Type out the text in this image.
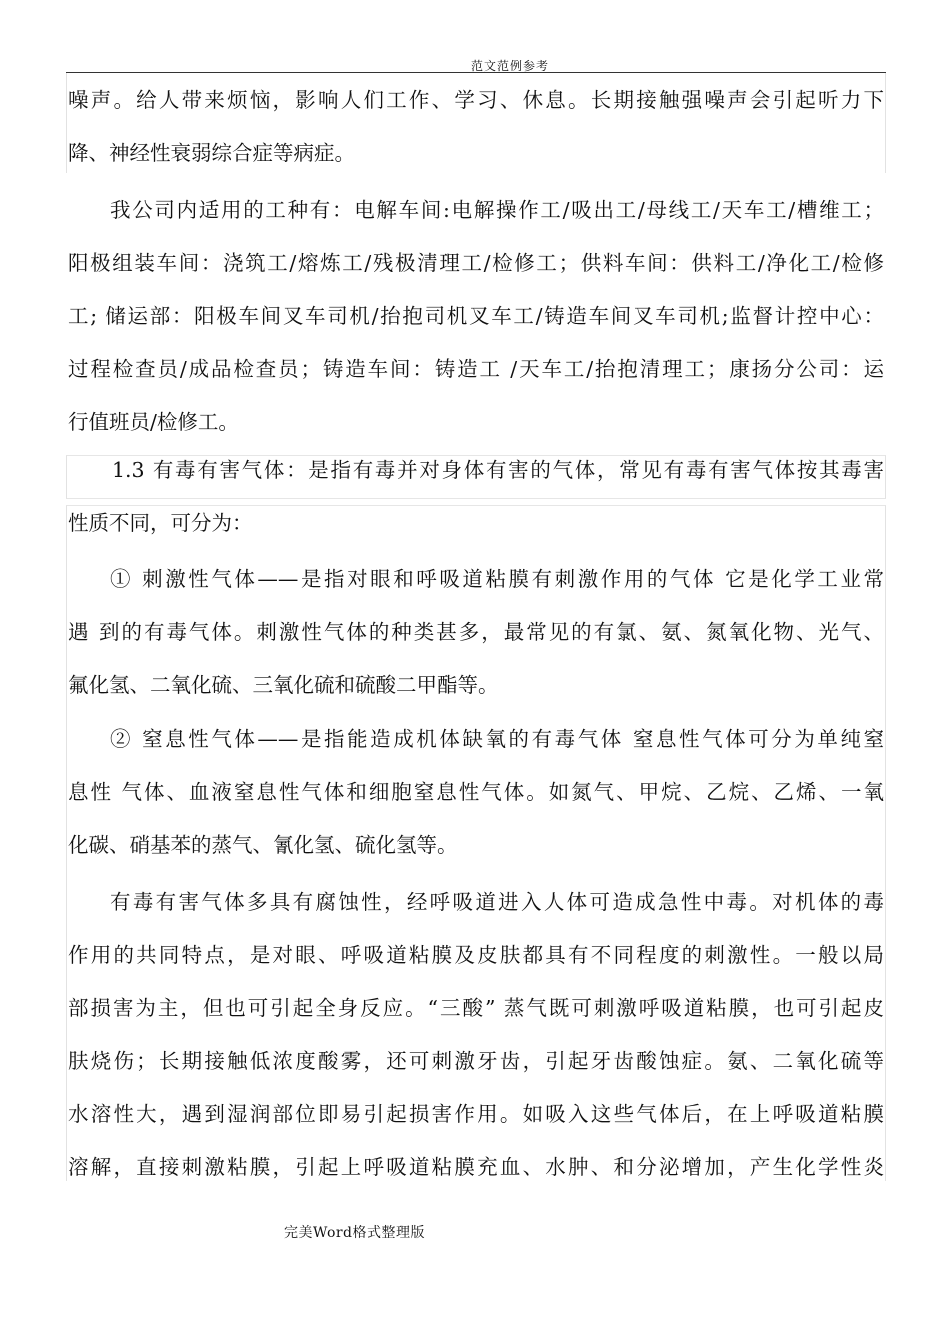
范文范例参考
噪声。给人带来烦恼，影响人们工作、学习、休息。长期接触强噪声会引起听力下
降、神经性衰弱综合症等病症。
我公司内适用的工种有：电解车间:电解操作工/吸出工/母线工/天车工/槽维工；
阳极组装车间：浇筑工/熔炼工/残极清理工/检修工；供料车间：供料工/净化工/检修
工; 储运部：阳极车间叉车司机/抬抱司机叉车工/铸造车间叉车司机;监督计控中心：
过程检查员/成品检查员；铸造车间：铸造工 /天车工/抬抱清理工；康扬分公司：运
行值班员/检修工。
1.3 有毒有害气体：是指有毒并对身体有害的气体，常见有毒有害气体按其毒害
性质不同，可分为：
① 刺激性气体——是指对眼和呼吸道粘膜有刺激作用的气体 它是化学工业常
遇 到的有毒气体。刺激性气体的种类甚多，最常见的有氯、氨、氮氧化物、光气、
氟化氢、二氧化硫、三氧化硫和硫酸二甲酯等。
② 窒息性气体——是指能造成机体缺氧的有毒气体 窒息性气体可分为单纯窒
息性 气体、血液窒息性气体和细胞窒息性气体。如氮气、甲烷、乙烷、乙烯、一氧
化碳、硝基苯的蒸气、氰化氢、硫化氢等。
有毒有害气体多具有腐蚀性，经呼吸道进入人体可造成急性中毒。对机体的毒
作用的共同特点，是对眼、呼吸道粘膜及皮肤都具有不同程度的刺激性。一般以局
部损害为主，但也可引起全身反应。“三酸” 蒸气既可刺激呼吸道粘膜，也可引起皮
肤烧伤；长期接触低浓度酸雾，还可刺激牙齿，引起牙齿酸蚀症。氨、二氧化硫等
水溶性大，遇到湿润部位即易引起损害作用。如吸入这些气体后，在上呼吸道粘膜
溶解，直接刺激粘膜，引起上呼吸道粘膜充血、水肿、和分泌增加，产生化学性炎
完美Word格式整理版
